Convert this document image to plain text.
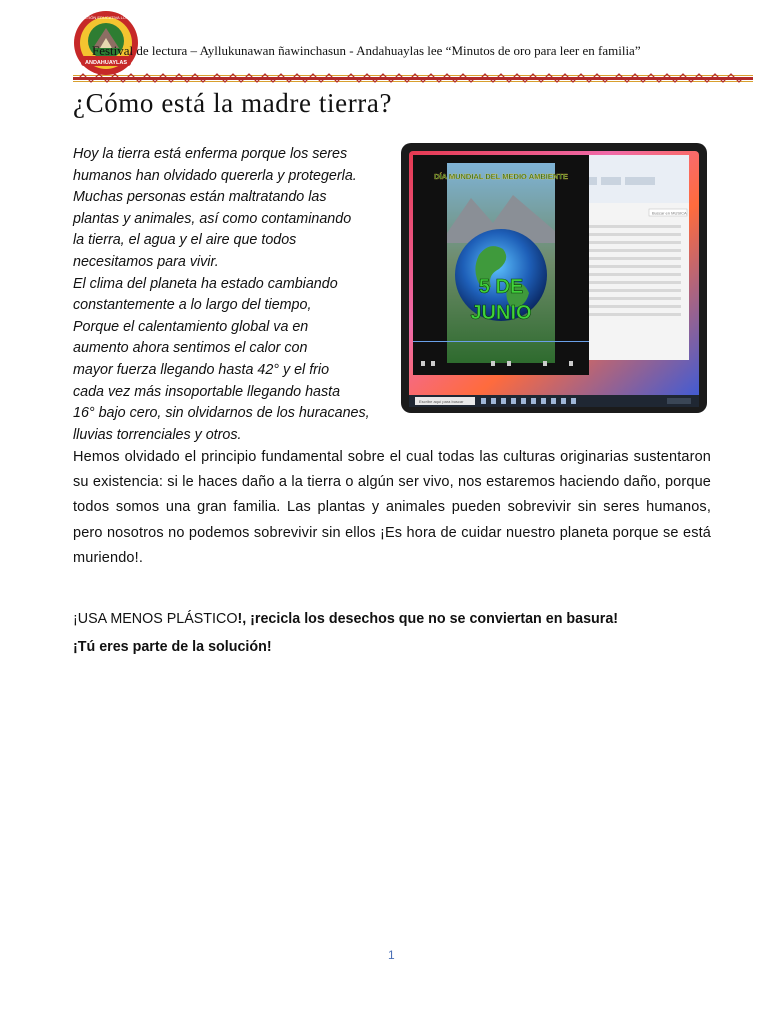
GESTIÓN EDUCATIVA LOCAL
ANDAHUAYLAS
Festival de lectura – Ayllukunawan ñawinchasun - Andahuaylas lee “Minutos de oro para leer en familia”
¿Cómo está la madre tierra?
Hoy la tierra está enferma porque los seres
humanos han olvidado quererla y protegerla.
Muchas personas están maltratando las
plantas y animales, así como contaminando
la tierra, el agua y el aire que todos
necesitamos para vivir.
El clima del planeta ha estado cambiando
constantemente a lo largo del tiempo,
Porque el calentamiento global va en
aumento ahora sentimos el calor con
mayor fuerza llegando hasta 42° y el frio
cada vez más insoportable llegando hasta
16° bajo cero, sin olvidarnos de los huracanes,
lluvias torrenciales y otros.
Buscar en MUSICA
DÍA MUNDIAL DEL MEDIO AMBIENTE
5 DE
JUNIO
Escribe aquí para buscar
Hemos olvidado el principio fundamental sobre el cual todas las culturas originarias sustentaron su existencia: si le haces daño a la tierra o algún ser vivo, nos estaremos haciendo daño, porque todos somos una gran familia. Las plantas y animales pueden sobrevivir sin seres humanos, pero nosotros no podemos sobrevivir sin ellos ¡Es hora de cuidar nuestro planeta porque se está muriendo!.
¡USA MENOS PLÁSTICO!, ¡recicla los desechos que no se conviertan en basura!
¡Tú eres parte de la solución!
1
